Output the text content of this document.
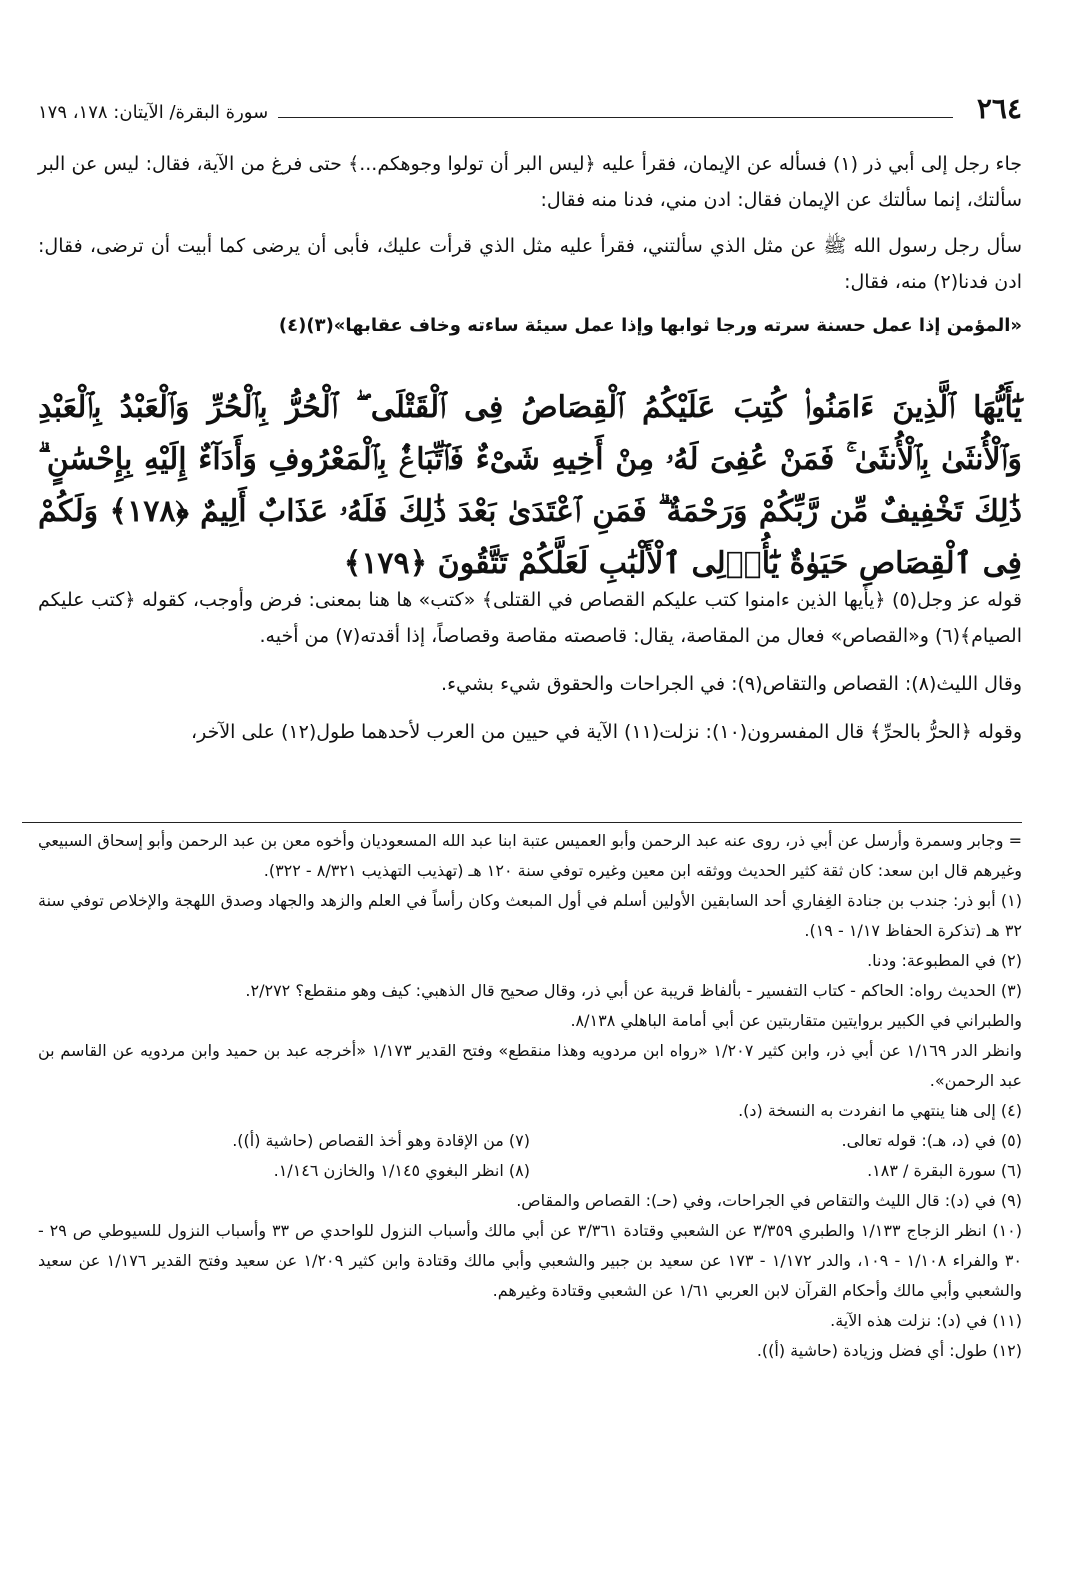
٢٦٤
سورة البقرة/ الآيتان: ١٧٨، ١٧٩

جاء رجل إلى أبي ذر (١) فسأله عن الإيمان، فقرأ عليه ﴿ليس البر أن تولوا وجوهكم...﴾ حتى فرغ من الآية، فقال: ليس عن البر سألتك، إنما سألتك عن الإيمان فقال: ادن مني، فدنا منه فقال:

سأل رجل رسول الله ﷺ عن مثل الذي سألتني، فقرأ عليه مثل الذي قرأت عليك، فأبى أن يرضى كما أبيت أن ترضى، فقال: ادن فدنا(٢) منه، فقال:

«المؤمن إذا عمل حسنة سرته ورجا ثوابها وإذا عمل سيئة ساءته وخاف عقابها»(٣)(٤)

يَٰٓأَيُّهَا ٱلَّذِينَ ءَامَنُوا۟ كُتِبَ عَلَيْكُمُ ٱلْقِصَاصُ فِى ٱلْقَتْلَى ۖ ٱلْحُرُّ بِٱلْحُرِّ وَٱلْعَبْدُ بِٱلْعَبْدِ وَٱلْأُنثَىٰ بِٱلْأُنثَىٰ ۚ فَمَنْ عُفِىَ لَهُۥ مِنْ أَخِيهِ شَىْءٌ فَٱتِّبَاعٌۢ بِٱلْمَعْرُوفِ وَأَدَآءٌ إِلَيْهِ بِإِحْسَٰنٍ ۗ ذَٰلِكَ تَخْفِيفٌ مِّن رَّبِّكُمْ وَرَحْمَةٌ ۗ فَمَنِ ٱعْتَدَىٰ بَعْدَ ذَٰلِكَ فَلَهُۥ عَذَابٌ أَلِيمٌ ﴿١٧٨﴾ وَلَكُمْ فِى ٱلْقِصَاصِ حَيَوٰةٌ يَٰٓأُو۟لِى ٱلْأَلْبَٰبِ لَعَلَّكُمْ تَتَّقُونَ ﴿١٧٩﴾

قوله عز وجل(٥) ﴿يأيها الذين ءامنوا كتب عليكم القصاص في القتلى﴾ «كتب» ها هنا بمعنى: فرض وأوجب، كقوله ﴿كتب عليكم الصيام﴾(٦) و«القصاص» فعال من المقاصة، يقال: قاصصته مقاصة وقصاصاً، إذا أقدته(٧) من أخيه.

وقال الليث(٨): القصاص والتقاص(٩): في الجراحات والحقوق شيء بشيء.

وقوله ﴿الحرُّ بالحرِّ﴾ قال المفسرون(١٠): نزلت(١١) الآية في حيين من العرب لأحدهما طول(١٢) على الآخر،

= وجابر وسمرة وأرسل عن أبي ذر، روى عنه عبد الرحمن وأبو العميس عتبة ابنا عبد الله المسعوديان وأخوه معن بن عبد الرحمن وأبو إسحاق السبيعي وغيرهم قال ابن سعد: كان ثقة كثير الحديث ووثقه ابن معين وغيره توفي سنة ١٢٠ هـ (تهذيب التهذيب ٨/٣٢١ - ٣٢٢).

(١) أبو ذر: جندب بن جنادة الغِفاري أحد السابقين الأولين أسلم في أول المبعث وكان رأساً في العلم والزهد والجهاد وصدق اللهجة والإخلاص توفي سنة ٣٢ هـ (تذكرة الحفاظ ١/١٧ - ١٩).

(٢) في المطبوعة: ودنا.

(٣) الحديث رواه: الحاكم - كتاب التفسير - بألفاظ قريبة عن أبي ذر، وقال صحيح قال الذهبي: كيف وهو منقطع؟ ٢/٢٧٢.

والطبراني في الكبير بروايتين متقاربتين عن أبي أمامة الباهلي ٨/١٣٨.

وانظر الدر ١/١٦٩ عن أبي ذر، وابن كثير ١/٢٠٧ «رواه ابن مردويه وهذا منقطع» وفتح القدير ١/١٧٣ «أخرجه عبد بن حميد وابن مردويه عن القاسم بن عبد الرحمن».

(٤) إلى هنا ينتهي ما انفردت به النسخة (د).

(٥) في (د، هـ): قوله تعالى.

(٧) من الإقادة وهو أخذ القصاص (حاشية (أ)).

(٦) سورة البقرة / ١٨٣.

(٨) انظر البغوي ١/١٤٥ والخازن ١/١٤٦.

(٩) في (د): قال الليث والتقاص في الجراحات، وفي (حـ): القصاص والمقاص.

(١٠) انظر الزجاج ١/١٣٣ والطبري ٣/٣٥٩ عن الشعبي وقتادة ٣/٣٦١ عن أبي مالك وأسباب النزول للواحدي ص ٣٣ وأسباب النزول للسيوطي ص ٢٩ - ٣٠ والفراء ١/١٠٨ - ١٠٩، والدر ١/١٧٢ - ١٧٣ عن سعيد بن جبير والشعبي وأبي مالك وقتادة وابن كثير ١/٢٠٩ عن سعيد وفتح القدير ١/١٧٦ عن سعيد والشعبي وأبي مالك وأحكام القرآن لابن العربي ١/٦١ عن الشعبي وقتادة وغيرهم.

(١١) في (د): نزلت هذه الآية.

(١٢) طول: أي فضل وزيادة (حاشية (أ)).
